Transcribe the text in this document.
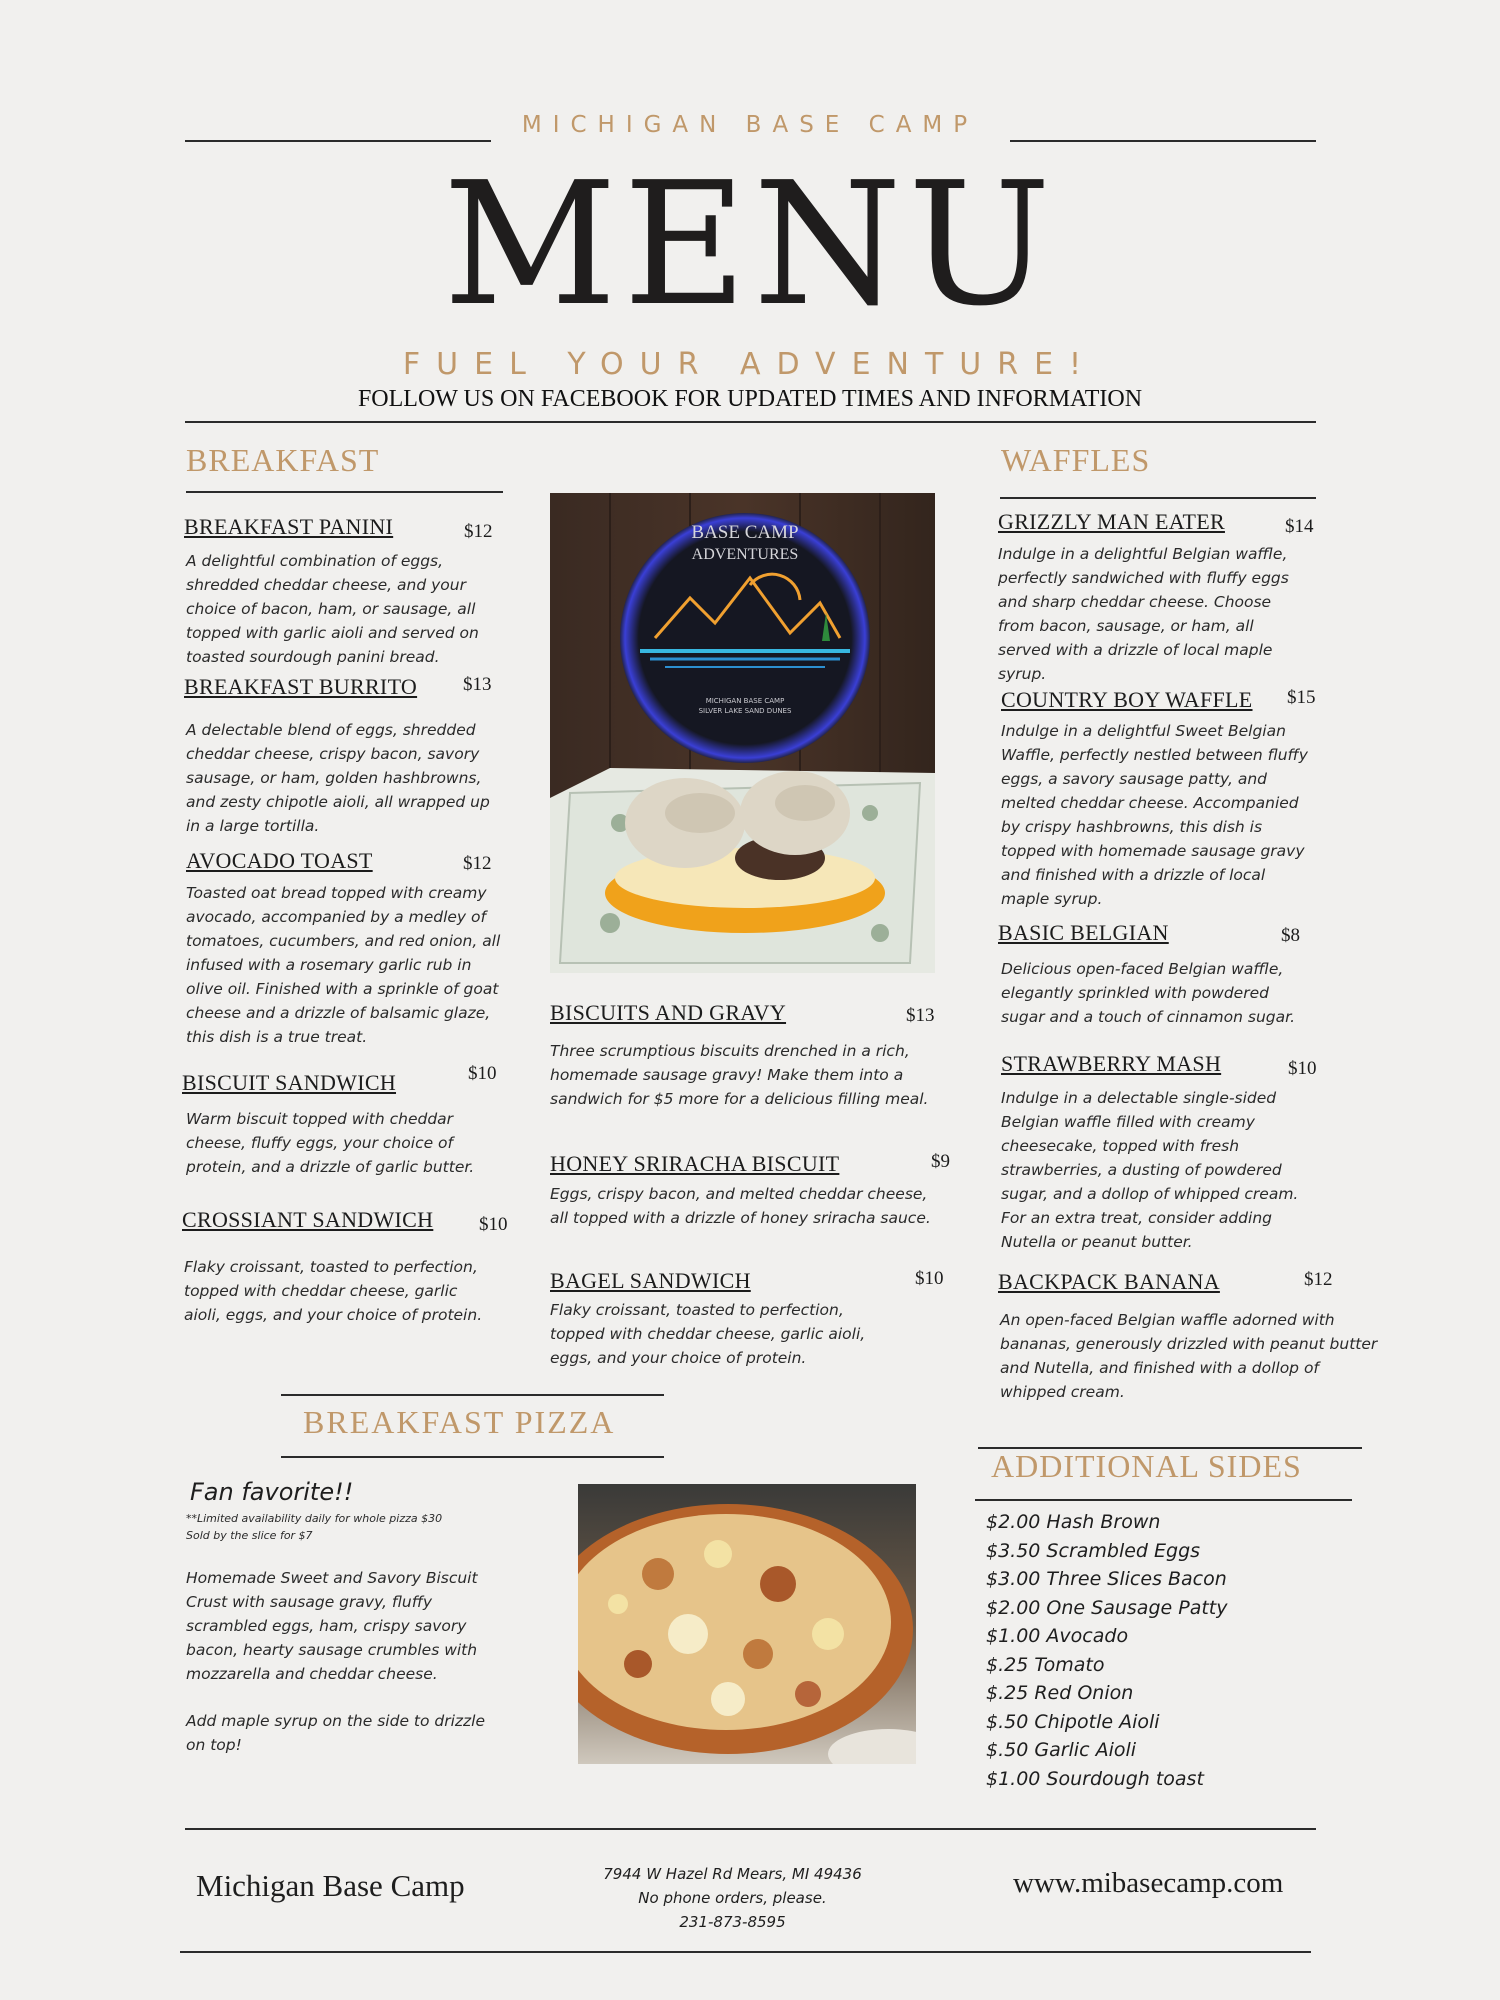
MICHIGAN BASE CAMP
MENU
FUEL YOUR ADVENTURE!
FOLLOW US ON FACEBOOK FOR UPDATED TIMES AND INFORMATION
BREAKFAST
BREAKFAST PANINI	$12
A delightful combination of eggs, shredded cheddar cheese, and your choice of bacon, ham, or sausage, all topped with garlic aioli and served on toasted sourdough panini bread.
BREAKFAST BURRITO $13
A delectable blend of eggs, shredded cheddar cheese, crispy bacon, savory sausage, or ham, golden hashbrowns, and zesty chipotle aioli, all wrapped up in a large tortilla.
AVOCADO TOAST	$12
Toasted oat bread topped with creamy avocado, accompanied by a medley of tomatoes, cucumbers, and red onion, all infused with a rosemary garlic rub in olive oil. Finished with a sprinkle of goat cheese and a drizzle of balsamic glaze, this dish is a true treat.
BISCUIT SANDWICH	$10
Warm biscuit topped with cheddar cheese, fluffy eggs, your choice of protein, and a drizzle of garlic butter.
CROSSIANT SANDWICH $10
Flaky croissant, toasted to perfection, topped with cheddar cheese, garlic aioli, eggs, and your choice of protein.
BASE CAMP
ADVENTURES
MICHIGAN BASE CAMP
SILVER LAKE SAND DUNES
BISCUITS AND GRAVY	$13
Three scrumptious biscuits drenched in a rich, homemade sausage gravy! Make them into a sandwich for $5 more for a delicious filling meal.
HONEY SRIRACHA BISCUIT	$9
Eggs, crispy bacon, and melted cheddar cheese, all topped with a drizzle of honey sriracha sauce.
BAGEL SANDWICH	$10
Flaky croissant, toasted to perfection, topped with cheddar cheese, garlic aioli, eggs, and your choice of protein.
WAFFLES
GRIZZLY MAN EATER	$14
Indulge in a delightful Belgian waffle, perfectly sandwiched with fluffy eggs and sharp cheddar cheese. Choose from bacon, sausage, or ham, all served with a drizzle of local maple syrup.
COUNTRY BOY WAFFLE $15
Indulge in a delightful Sweet Belgian Waffle, perfectly nestled between fluffy eggs, a savory sausage patty, and melted cheddar cheese. Accompanied by crispy hashbrowns, this dish is topped with homemade sausage gravy and finished with a drizzle of local maple syrup.
BASIC BELGIAN	$8
Delicious open-faced Belgian waffle, elegantly sprinkled with powdered sugar and a touch of cinnamon sugar.
STRAWBERRY MASH	$10
Indulge in a delectable single-sided Belgian waffle filled with creamy cheesecake, topped with fresh strawberries, a dusting of powdered sugar, and a dollop of whipped cream. For an extra treat, consider adding Nutella or peanut butter.
BACKPACK BANANA	$12
An open-faced Belgian waffle adorned with bananas, generously drizzled with peanut butter and Nutella, and finished with a dollop of whipped cream.
BREAKFAST PIZZA
Fan favorite!!
**Limited availability daily for whole pizza $30
Sold by the slice for $7
Homemade Sweet and Savory Biscuit Crust with sausage gravy, fluffy scrambled eggs, ham, crispy savory bacon, hearty sausage crumbles with mozzarella and cheddar cheese.
Add maple syrup on the side to drizzle on top!
ADDITIONAL SIDES
$2.00 Hash Brown
$3.50 Scrambled Eggs
$3.00 Three Slices Bacon
$2.00 One Sausage Patty
$1.00 Avocado
$.25 Tomato
$.25 Red Onion
$.50 Chipotle Aioli
$.50 Garlic Aioli
$1.00 Sourdough toast
Michigan Base Camp	7944 W Hazel Rd Mears, MI 49436
No phone orders, please.
231-873-8595
www.mibasecamp.com
